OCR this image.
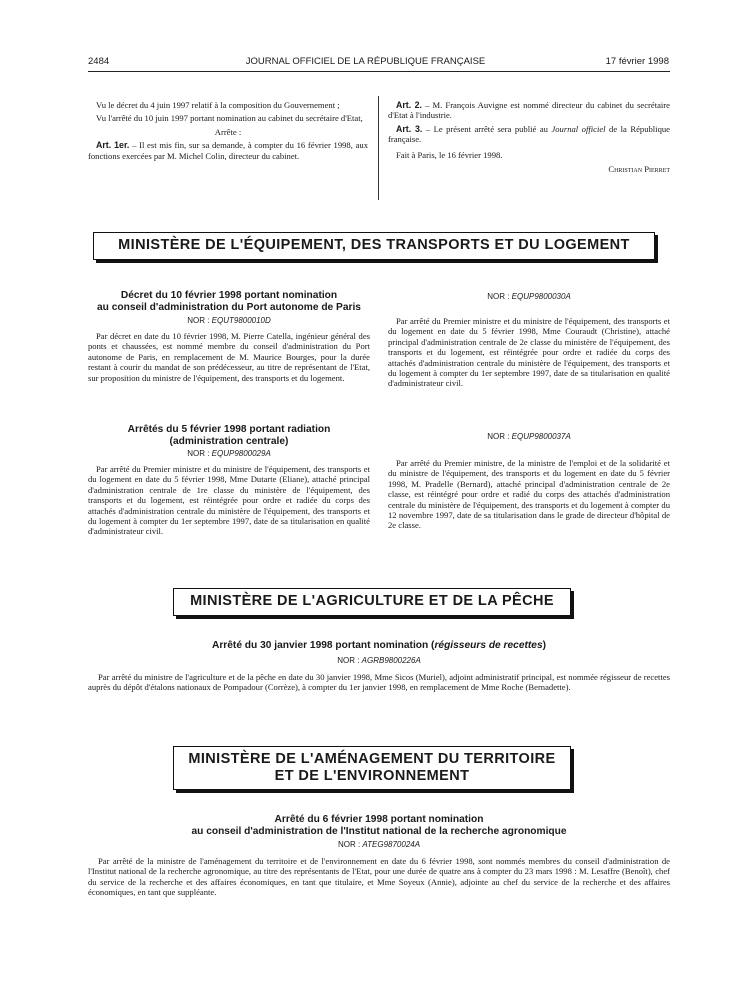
2484	JOURNAL OFFICIEL DE LA RÉPUBLIQUE FRANÇAISE	17 février 1998

Vu le décret du 4 juin 1997 relatif à la composition du Gouvernement ;

Vu l'arrêté du 10 juin 1997 portant nomination au cabinet du secrétaire d'Etat,

Arrête :

Art. 1er. – Il est mis fin, sur sa demande, à compter du 16 février 1998, aux fonctions exercées par M. Michel Colin, directeur du cabinet.

Art. 2. – M. François Auvigne est nommé directeur du cabinet du secrétaire d'Etat à l'industrie.

Art. 3. – Le présent arrêté sera publié au Journal officiel de la République française.

Fait à Paris, le 16 février 1998.

Christian Pierret

MINISTÈRE DE L'ÉQUIPEMENT, DES TRANSPORTS ET DU LOGEMENT
Décret du 10 février 1998 portant nomination
au conseil d'administration du Port autonome de Paris
NOR : EQUT9800010D

Par décret en date du 10 février 1998, M. Pierre Catella, ingénieur général des ponts et chaussées, est nommé membre du conseil d'administration du Port autonome de Paris, en remplacement de M. Maurice Bourges, pour la durée restant à courir du mandat de son prédécesseur, au titre de représentant de l'Etat, sur proposition du ministre de l'équipement, des transports et du logement.

Arrêtés du 5 février 1998 portant radiation
(administration centrale)
NOR : EQUP9800029A

Par arrêté du Premier ministre et du ministre de l'équipement, des transports et du logement en date du 5 février 1998, Mme Dutarte (Eliane), attaché principal d'administration centrale de 1re classe du ministère de l'équipement, des transports et du logement, est réintégrée pour ordre et radiée du corps des attachés d'administration centrale du ministère de l'équipement, des transports et du logement à compter du 1er septembre 1997, date de sa titularisation en qualité d'administrateur civil.

NOR : EQUP9800030A

Par arrêté du Premier ministre et du ministre de l'équipement, des transports et du logement en date du 5 février 1998, Mme Couraudt (Christine), attaché principal d'administration centrale de 2e classe du ministère de l'équipement, des transports et du logement, est réintégrée pour ordre et radiée du corps des attachés d'administration centrale du ministère de l'équipement, des transports et du logement à compter du 1er septembre 1997, date de sa titularisation en qualité d'administrateur civil.

NOR : EQUP9800037A

Par arrêté du Premier ministre, de la ministre de l'emploi et de la solidarité et du ministre de l'équipement, des transports et du logement en date du 5 février 1998, M. Pradelle (Bernard), attaché principal d'administration centrale de 2e classe, est réintégré pour ordre et radié du corps des attachés d'administration centrale du ministère de l'équipement, des transports et du logement à compter du 12 novembre 1997, date de sa titularisation dans le grade de directeur d'hôpital de 2e classe.

MINISTÈRE DE L'AGRICULTURE ET DE LA PÊCHE
Arrêté du 30 janvier 1998 portant nomination (régisseurs de recettes)
NOR : AGRB9800226A

Par arrêté du ministre de l'agriculture et de la pêche en date du 30 janvier 1998, Mme Sicos (Muriel), adjoint administratif principal, est nommée régisseur de recettes auprès du dépôt d'étalons nationaux de Pompadour (Corrèze), à compter du 1er janvier 1998, en remplacement de Mme Roche (Bernadette).

MINISTÈRE DE L'AMÉNAGEMENT DU TERRITOIRE
ET DE L'ENVIRONNEMENT
Arrêté du 6 février 1998 portant nomination
au conseil d'administration de l'Institut national de la recherche agronomique
NOR : ATEG9870024A

Par arrêté de la ministre de l'aménagement du territoire et de l'environnement en date du 6 février 1998, sont nommés membres du conseil d'administration de l'Institut national de la recherche agronomique, au titre des représentants de l'Etat, pour une durée de quatre ans à compter du 23 mars 1998 : M. Lesaffre (Benoît), chef du service de la recherche et des affaires économiques, en tant que titulaire, et Mme Soyeux (Annie), adjointe au chef du service de la recherche et des affaires économiques, en tant que suppléante.
